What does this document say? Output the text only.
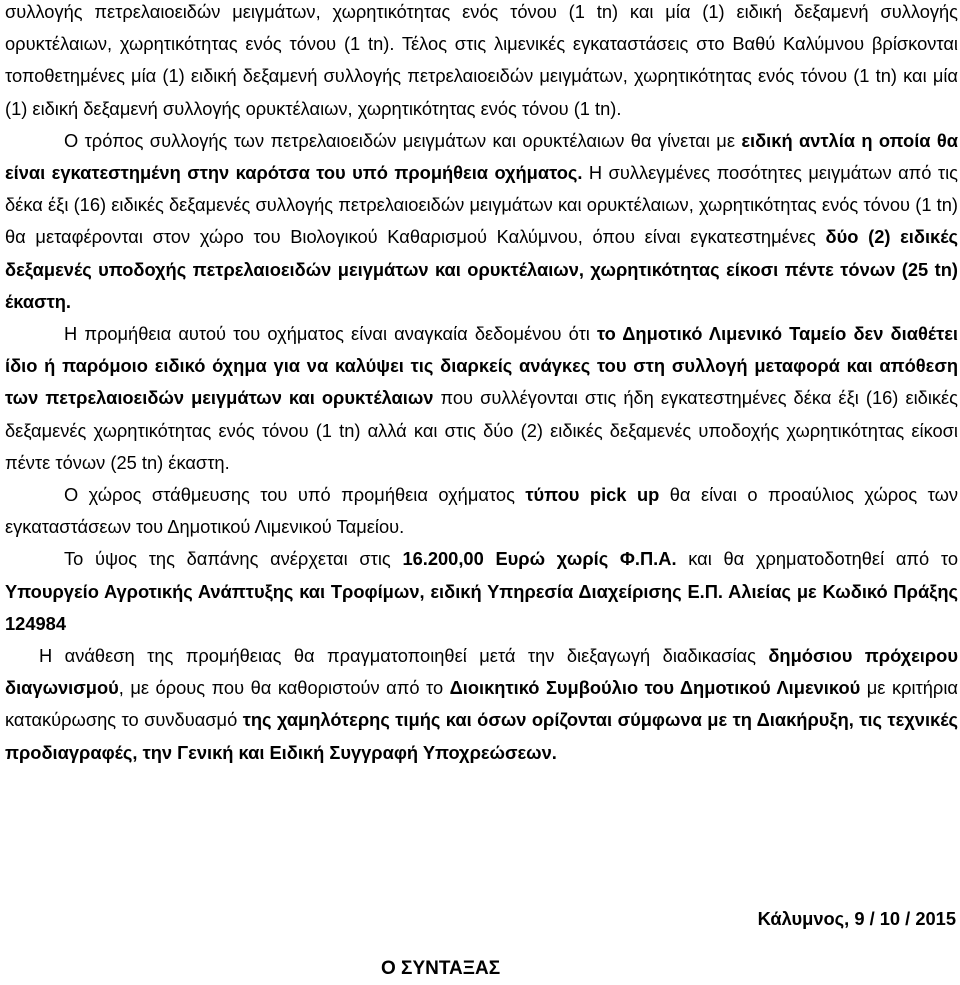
συλλογής πετρελαιοειδών μειγμάτων, χωρητικότητας ενός τόνου (1 tn) και μία (1) ειδική δεξαμενή συλλογής ορυκτέλαιων, χωρητικότητας ενός τόνου (1 tn). Τέλος στις λιμενικές εγκαταστάσεις στο Βαθύ Καλύμνου βρίσκονται τοποθετημένες μία (1) ειδική δεξαμενή συλλογής πετρελαιοειδών μειγμάτων, χωρητικότητας ενός τόνου (1 tn) και μία (1) ειδική δεξαμενή συλλογής ορυκτέλαιων, χωρητικότητας ενός τόνου (1 tn).

Ο τρόπος συλλογής των πετρελαιοειδών μειγμάτων και ορυκτέλαιων θα γίνεται με ειδική αντλία η οποία θα είναι εγκατεστημένη στην καρότσα του υπό προμήθεια οχήματος. Η συλλεγμένες ποσότητες μειγμάτων από τις δέκα έξι (16) ειδικές δεξαμενές συλλογής πετρελαιοειδών μειγμάτων και ορυκτέλαιων, χωρητικότητας ενός τόνου (1 tn) θα μεταφέρονται στον χώρο του Βιολογικού Καθαρισμού Καλύμνου, όπου είναι εγκατεστημένες δύο (2) ειδικές δεξαμενές υποδοχής πετρελαιοειδών μειγμάτων και ορυκτέλαιων, χωρητικότητας είκοσι πέντε τόνων (25 tn) έκαστη.

Η προμήθεια αυτού του οχήματος είναι αναγκαία δεδομένου ότι το Δημοτικό Λιμενικό Ταμείο δεν διαθέτει ίδιο ή παρόμοιο ειδικό όχημα για να καλύψει τις διαρκείς ανάγκες του στη συλλογή μεταφορά και απόθεση των πετρελαιοειδών μειγμάτων και ορυκτέλαιων που συλλέγονται στις ήδη εγκατεστημένες δέκα έξι (16) ειδικές δεξαμενές χωρητικότητας ενός τόνου (1 tn) αλλά και στις δύο (2) ειδικές δεξαμενές υποδοχής χωρητικότητας είκοσι πέντε τόνων (25 tn) έκαστη.

Ο χώρος στάθμευσης του υπό προμήθεια οχήματος τύπου pick up θα είναι ο προαύλιος χώρος των εγκαταστάσεων του Δημοτικού Λιμενικού Ταμείου.

Το ύψος της δαπάνης ανέρχεται στις 16.200,00 Ευρώ χωρίς Φ.Π.Α. και θα χρηματοδοτηθεί από το Υπουργείο Αγροτικής Ανάπτυξης και Τροφίμων, ειδική Υπηρεσία Διαχείρισης Ε.Π. Αλιείας με Κωδικό Πράξης 124984

Η ανάθεση της προμήθειας θα πραγματοποιηθεί μετά την διεξαγωγή διαδικασίας δημόσιου πρόχειρου διαγωνισμού, με όρους που θα καθοριστούν από το Διοικητικό Συμβούλιο του Δημοτικού Λιμενικού με κριτήρια κατακύρωσης το συνδυασμό της χαμηλότερης τιμής και όσων ορίζονται σύμφωνα με τη Διακήρυξη, τις τεχνικές προδιαγραφές, την Γενική και Ειδική Συγγραφή Υποχρεώσεων.

Κάλυμνος, 9 / 10 / 2015
Ο ΣΥΝΤΑΞΑΣ
